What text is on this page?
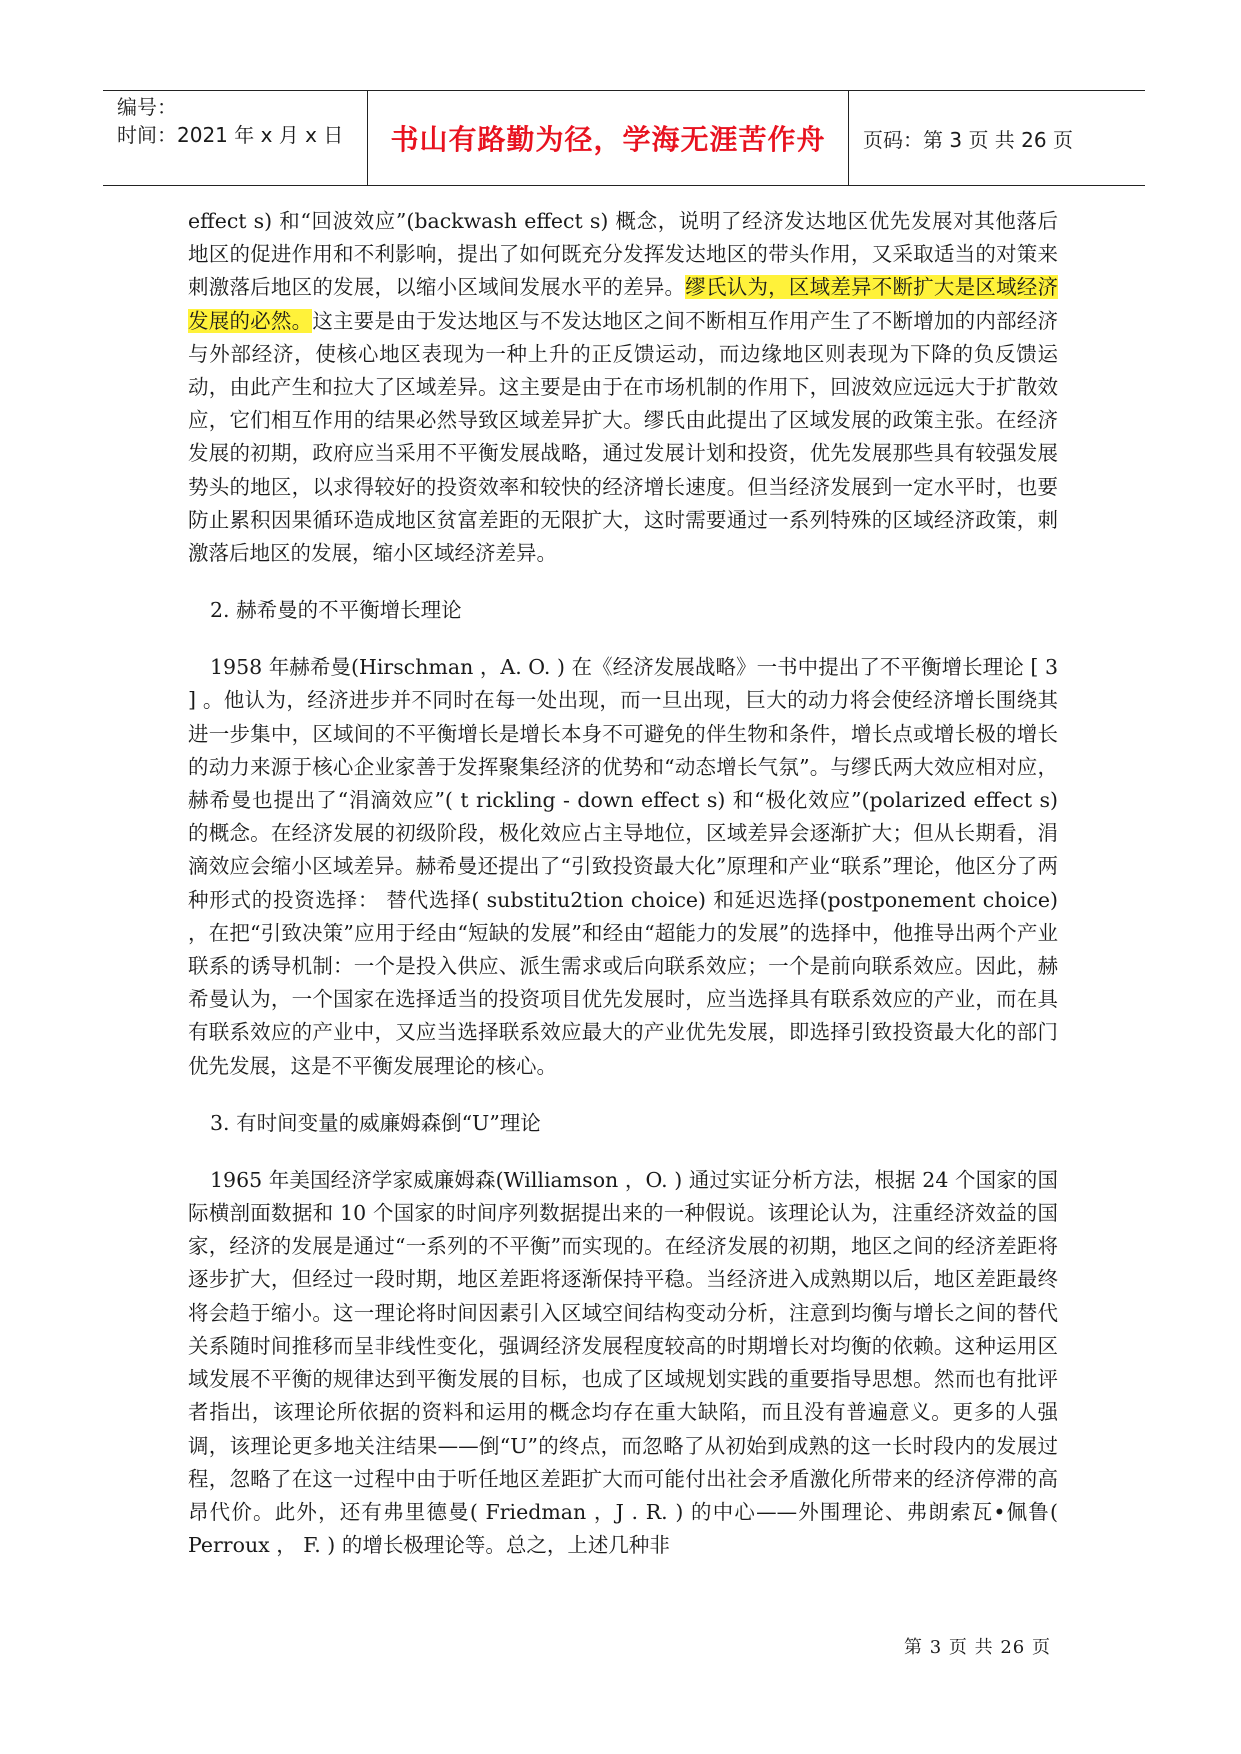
编号：
时间：2021 年 x 月 x 日	书山有路勤为径，学海无涯苦作舟 页码：第 3 页 共 26 页

effect s) 和“回波效应”(backwash effect s) 概念，说明了经济发达地区优先发展对其他落后地区的促进作用和不利影响，提出了如何既充分发挥发达地区的带头作用，又采取适当的对策来刺激落后地区的发展，以缩小区域间发展水平的差异。缪氏认为，区域差异不断扩大是区域经济发展的必然。这主要是由于发达地区与不发达地区之间不断相互作用产生了不断增加的内部经济与外部经济，使核心地区表现为一种上升的正反馈运动，而边缘地区则表现为下降的负反馈运动，由此产生和拉大了区域差异。这主要是由于在市场机制的作用下，回波效应远远大于扩散效应，它们相互作用的结果必然导致区域差异扩大。缪氏由此提出了区域发展的政策主张。在经济发展的初期，政府应当采用不平衡发展战略，通过发展计划和投资，优先发展那些具有较强发展势头的地区，以求得较好的投资效率和较快的经济增长速度。但当经济发展到一定水平时，也要防止累积因果循环造成地区贫富差距的无限扩大，这时需要通过一系列特殊的区域经济政策，刺激落后地区的发展，缩小区域经济差异。

2. 赫希曼的不平衡增长理论

1958 年赫希曼(Hirschman ，A. O. ) 在《经济发展战略》一书中提出了不平衡增长理论 [ 3 ] 。他认为，经济进步并不同时在每一处出现，而一旦出现，巨大的动力将会使经济增长围绕其进一步集中，区域间的不平衡增长是增长本身不可避免的伴生物和条件，增长点或增长极的增长的动力来源于核心企业家善于发挥聚集经济的优势和“动态增长气氛”。与缪氏两大效应相对应，赫希曼也提出了“涓滴效应”( t rickling - down effect s) 和“极化效应”(polarized effect s) 的概念。在经济发展的初级阶段，极化效应占主导地位，区域差异会逐渐扩大；但从长期看，涓滴效应会缩小区域差异。赫希曼还提出了“引致投资最大化”原理和产业“联系”理论，他区分了两种形式的投资选择： 替代选择( substitu2tion choice) 和延迟选择(postponement choice) ，在把“引致决策”应用于经由“短缺的发展”和经由“超能力的发展”的选择中，他推导出两个产业联系的诱导机制：一个是投入供应、派生需求或后向联系效应；一个是前向联系效应。因此，赫希曼认为，一个国家在选择适当的投资项目优先发展时，应当选择具有联系效应的产业，而在具有联系效应的产业中，又应当选择联系效应最大的产业优先发展，即选择引致投资最大化的部门优先发展，这是不平衡发展理论的核心。

3. 有时间变量的威廉姆森倒“U”理论

1965 年美国经济学家威廉姆森(Williamson ，O. ) 通过实证分析方法，根据 24 个国家的国际横剖面数据和 10 个国家的时间序列数据提出来的一种假说。该理论认为，注重经济效益的国家，经济的发展是通过“一系列的不平衡”而实现的。在经济发展的初期，地区之间的经济差距将逐步扩大，但经过一段时期，地区差距将逐渐保持平稳。当经济进入成熟期以后，地区差距最终将会趋于缩小。这一理论将时间因素引入区域空间结构变动分析，注意到均衡与增长之间的替代关系随时间推移而呈非线性变化，强调经济发展程度较高的时期增长对均衡的依赖。这种运用区域发展不平衡的规律达到平衡发展的目标，也成了区域规划实践的重要指导思想。然而也有批评者指出，该理论所依据的资料和运用的概念均存在重大缺陷，而且没有普遍意义。更多的人强调，该理论更多地关注结果——倒“U”的终点，而忽略了从初始到成熟的这一长时段内的发展过程，忽略了在这一过程中由于听任地区差距扩大而可能付出社会矛盾激化所带来的经济停滞的高昂代价。此外，还有弗里德曼( Friedman ，J . R. ) 的中心——外围理论、弗朗索瓦•佩鲁( Perroux ， F. ) 的增长极理论等。总之，上述几种非

第 3 页 共 26 页
